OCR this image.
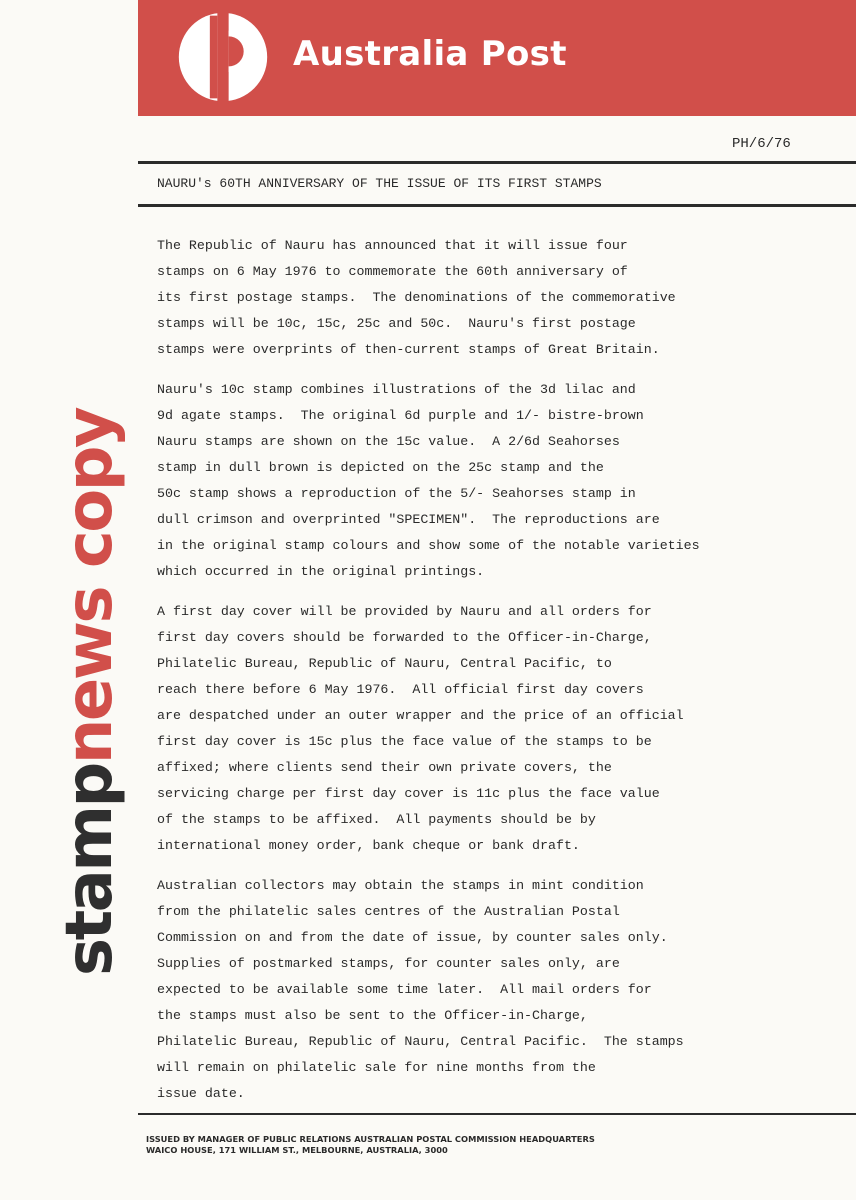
Australia Post
PH/6/76
NAURU's 60TH ANNIVERSARY OF THE ISSUE OF ITS FIRST STAMPS
stampnews copy
The Republic of Nauru has announced that it will issue four
stamps on 6 May 1976 to commemorate the 60th anniversary of
its first postage stamps.  The denominations of the commemorative
stamps will be 10c, 15c, 25c and 50c.  Nauru's first postage
stamps were overprints of then-current stamps of Great Britain.
Nauru's 10c stamp combines illustrations of the 3d lilac and
9d agate stamps.  The original 6d purple and 1/- bistre-brown
Nauru stamps are shown on the 15c value.  A 2/6d Seahorses
stamp in dull brown is depicted on the 25c stamp and the
50c stamp shows a reproduction of the 5/- Seahorses stamp in
dull crimson and overprinted "SPECIMEN".  The reproductions are
in the original stamp colours and show some of the notable varieties
which occurred in the original printings.
A first day cover will be provided by Nauru and all orders for
first day covers should be forwarded to the Officer-in-Charge,
Philatelic Bureau, Republic of Nauru, Central Pacific, to
reach there before 6 May 1976.  All official first day covers
are despatched under an outer wrapper and the price of an official
first day cover is 15c plus the face value of the stamps to be
affixed; where clients send their own private covers, the
servicing charge per first day cover is 11c plus the face value
of the stamps to be affixed.  All payments should be by
international money order, bank cheque or bank draft.
Australian collectors may obtain the stamps in mint condition
from the philatelic sales centres of the Australian Postal
Commission on and from the date of issue, by counter sales only.
Supplies of postmarked stamps, for counter sales only, are
expected to be available some time later.  All mail orders for
the stamps must also be sent to the Officer-in-Charge,
Philatelic Bureau, Republic of Nauru, Central Pacific.  The stamps
will remain on philatelic sale for nine months from the
issue date.
ISSUED BY MANAGER OF PUBLIC RELATIONS AUSTRALIAN POSTAL COMMISSION HEADQUARTERS
WAICO HOUSE, 171 WILLIAM ST., MELBOURNE, AUSTRALIA, 3000
